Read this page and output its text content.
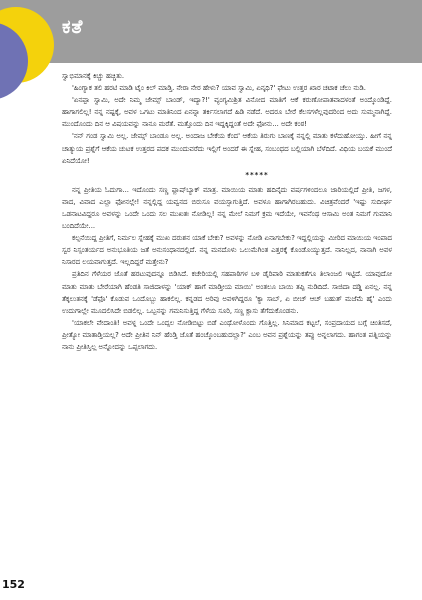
ಕತೆ

ಸ್ವಾಭಿಮಾನಕ್ಕೆ ಕಿಚ್ಚು ಹಚ್ಚಿತು.

'ಹಿಂಗ್ಯಾಕ ತಲಿ ಹರಟಿ ಮಾಡಿ ಟೈಂ ಕಿಲ್ ಮಾಡ್ತಿ. ನೇರಾ ನೇರ ಹೇಳು? ಯಾವ ಸ್ವಾಮಿ, ಏನ್ಕಥಿ?' ಫೇಟು ಉತ್ತರ ಖಾರ ಚಟಾಕ ಚೆಲು ನುಡಿ.

'ಏನಪ್ಪಾ ಸ್ವಾಮಿ, ಅದೇ ನಿಮ್ಮ ಜೇಮ್ಸ್ ಬಾಂಡ್, ಇದ್ಯಾ?!' ವ್ಯಂಗ್ಯಮಿಶ್ರಿತ ವಿನೋದ ಮಾತಿಗೆ ಆಕೆ ಕರುಣೋಪಾತವಾದಳಂತೆ ಅಂದ್ಕೊಂಡಿದ್ದೆ. ಹಾಗಾಗಲಿಲ್ಲ! ನನ್ನ ನಷ್ಟಕ್ಕೆ, ಅವಳ ಒಗಟು ಮಾತಿನಿಂದ ಏನನ್ನಾ ತರ್ಕಿಸಲಾಗದೆ ಹಿಡಿ ನಡೆದೆ. ಅದರೂ ಬೇರೆ ಕೆಲಸಗಳೆಲ್ಲವುದರಿಂದ ಅದು ಸುಮ್ಮನಾಗಿದ್ದೆ. ಮುಂದೊಂದು ದಿನ ಆ ವಿಷಯವನ್ನು ನಾನೂ ಮರೆತೆ. ಮತ್ತೊಂದು ದಿನ ಇದ್ದಕ್ಕಿದ್ದಂತೆ ಅದೇ ಫೋನು... ಅದೇ ಕಂಠ!

'ನನ್ ಗಂಡ ಸ್ವಾಮಿ ಅಲ್ಲ. ಜೇಮ್ಸ್ ಬಾಂಡೂ ಅಲ್ಲ. ಅಂದಾಜ ಬೇಕೆಯ ಕೆಂದ' ಆಕೆಯ ತಿರುಗು ಬಾಣಕ್ಕೆ ನನ್ನಲ್ಲಿ ಮಾತು ಕಳೆದುಹೋಯ್ತು. ಹೀಗೆ ನನ್ನ ಚಾತ್ಯುಯ ಪ್ರಶ್ನೆಗೆ ಆಕೆಯ ಚುಟಕ ಉತ್ತರದ ಪದಕ ಮುಂದುವರೆದು ಇಲ್ಲಿಗೆ ಅಂದರೆ ಈ ಸ್ನೇಹ, ಸಂಬಂಧದ ಬಲ್ಲಿಯಾಗಿ ಬೆಳೆದಿದೆ. ವಿಧಿಯ ಬಯಕೆ ಮುಂದೆ ಏನಿದೆಯೋ!

*****

ನನ್ನ ಪ್ರೀತಿಯ ಓದುಗಾ... ಇದೊಂದು ಸಣ್ಣ ಫ್ಲಾಷ್‌ಬ್ಯಾಕ್ ಮಾತ್ರ. ಮಾಯಿಯ ಮಾತು ಹದಿನೈದು ವರ್ಷಗಳಿಂದಲೂ ಜಾರಿಯಲ್ಲಿದೆ ಪ್ರೀತಿ, ಜಗಳ, ವಾದ, ವಿವಾದ ಎಲ್ಲಾ ಫೋನಲ್ಲೇ! ನನ್ನಲ್ಲಿದ್ದ ಯವ್ವನದ ಬಿರುಸೂ ವಯಸ್ಸಾಗುತ್ತಿದೆ. ಅವಳೂ ಹಾಗಾಗಿರಬಹುದು. ವಿಚಿತ್ರವೆಂದರೆ 'ಇಷ್ಟು ಸುದೀರ್ಘ ಒಡನಾಟವಿದ್ದರೂ ಅವಳನ್ನು ಒಂದೇ ಒಂದು ಸಲ ಮುಖತಃ ನೋಡಿಲ್ಲ! ನನ್ನ ಮೇಲೆ ನಿಮಗೆ ಕ್ರಮ ಇದೆಯೇ, ಇವನೆಂಥ ಆಸಾಮಿ ಅಂತ ನಿಮಗೆ ಗುಮಾನಿ ಬಂದಿದೆಯೇ...

ಕಲ್ಪನೆಯಿದ್ದ ಪ್ರೀತಿಗೆ, ನಿರ್ಮಲ ಸ್ನೇಹಕ್ಕೆ ಮುಖ ದರುಶನ ಯಾಕೆ ಬೇಕು? ಅವಳನ್ನು ನೋಡಿ ಏನಾಗಬೇಕು? ಇದ್ದಲ್ಲಿಯನ್ನು ಮೀರಿದ ಮಾಯಿಯ ಇಂಪಾದ ಸ್ವರ ನಿಸ್ಸಂತರ್ಯದ ಅನುಭೂತಿಯ ಜತೆ ಅನುಸಂಧಾನದಲ್ಲಿದೆ. ನನ್ನ ಮನದೊಳು ಒಲುಮೆಗಿಂತ ಎತ್ತರಕ್ಕೆ ಕೊಂಡೊಯ್ಯುತ್ತದೆ. ನಾನಿಲ್ಲದ, ನಾನಾಗಿ ಅವಳ ನಿಸಾರದ ಲಯವಾಗುತ್ತದೆ. ಇಲ್ಲದಿದ್ದರೆ ಮತ್ತೇನು?

ಪ್ರತಿದಿನ ಗೆಳೆಯರ ಜೊತೆ ಹರಟುವುದನ್ನೂ ಬಿಡಿಸಿದೆ. ಕಚೇರಿಯಲ್ಲಿ ಸಹಪಾಠಿಗಳ ಬಳಿ ಡೈರಿಪಾಠಿ ಮಾತುಕತೆಗೂ ತಿಲಾಂಜಲಿ ಇಟ್ಟಿದೆ. ಯಾವುದೋ ಮಾತು ಮಾತು ಬೇರೆಯಾಗಿ ಹೆಂಡತಿ ಸಾಜಿದಾಳನ್ನು 'ಯಾಕ್ ಹಾಗೆ ಮಾಡ್ತೀಯ ಮಾಯಿ' ಅಂತಲೂ ಬಾಯಿ ತಪ್ಪಿ ನುಡಿದಿದೆ. ಸಾಜಿದಾ ದಡ್ಡಿ ಏನಲ್ಲ. ನನ್ನ ತೆಕ್ಕಲುತನಕ್ಕೆ 'ಡೆಫೊ' ಕೊಡುವ ಒಂದೊಬ್ಬು ಹಾಕಲಿಲ್ಲ. ಕನ್ನಡದ ಅರಿವು ಅವಳಿಗಿದ್ದರೂ 'ಕ್ಯಾ ಸಾಬ್, ಏ ಬೀಚ್ ಆಚ್ ಬಹುತ್ ಮಜೆಮೆ ಹೈ' ಎಂದು ಉದುಗಾಲ್ಲೇ ಮೂದಲಿಸಿದೇ ಬಿಡಲಿಲ್ಲ. ಒಬ್ಬನನ್ನು ಗಮನಿಸುತ್ತಿದ್ದ ಗೆಳೆಯ ಸೂರಿ, ಸಣ್ಣ ಕ್ಲಾಸು ತೆಗೆದುಕೊಂಡನು.

'ಯಾಕಲೇ ವೇದಾಂತಿ! ಅವಳ್ನ ಒಂದೇ ಒಂದ್ಸಲ ನೋಡಿಬಿಟ್ಟು ಬಿಡೆ ಎಂಥೋಳೊಂದು ಗೊತ್ತಿಲ್ಲ. ಸಿನಿಮಾದ ಕಟ್ಟಲೆ, ಸಂಪ್ರದಾಯದ ಬಗ್ಗೆ ಚಿಂತಿಸದೆ, ಪ್ರೀತ್ಯೋ ಮಾತಾಡ್ತಿಯಲ್ಲ? ಅದೇ ಪ್ರೀತಿನ ನಿನ್ ಹೆಂಡ್ತಿ ಜೊತೆ ಹಂಚ್ಕೊಂಬಹುದಲ್ಲಾ?' ಎಂಬ ಅವನ ಪ್ರಶ್ನೆಯನ್ನು ತಪ್ಪು ಅನ್ನಲಾಗದು. ಹಾಗಂತ ಪತ್ನಿಯನ್ನು ನಾನು ಪ್ರೀತಿಸ್ತಿಲ್ಲ ಅನ್ನೋದನ್ನು ಒಪ್ಪಲಾಗದು.

152
